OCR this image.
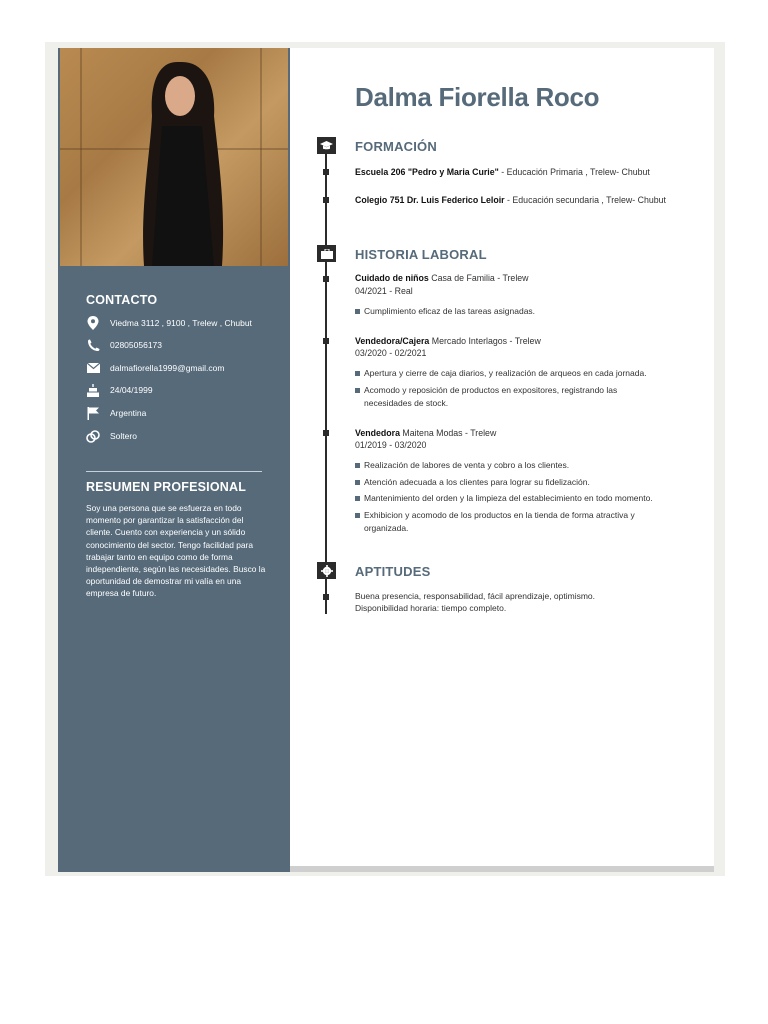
CONTACTO
Viedma 3112 , 9100 , Trelew , Chubut
02805056173
dalmafiorella1999@gmail.com
24/04/1999
Argentina
Soltero
RESUMEN PROFESIONAL
Soy una persona que se esfuerza en todo momento por garantizar la satisfacción del cliente. Cuento con experiencia y un sólido conocimiento del sector. Tengo facilidad para trabajar tanto en equipo como de forma independiente, según las necesidades. Busco la oportunidad de demostrar mi valía en una empresa de futuro.
Dalma Fiorella Roco
FORMACIÓN
Escuela 206 "Pedro y Maria Curie" - Educación Primaria , Trelew- Chubut
Colegio 751 Dr. Luis Federico Leloir - Educación secundaria , Trelew- Chubut
HISTORIA LABORAL
Cuidado de niños Casa de Familia - Trelew
04/2021 - Real
Cumplimiento eficaz de las tareas asignadas.
Vendedora/Cajera Mercado Interlagos - Trelew
03/2020 - 02/2021
Apertura y cierre de caja diarios, y realización de arqueos en cada jornada.
Acomodo y reposición de productos en expositores, registrando las necesidades de stock.
Vendedora Maitena Modas - Trelew
01/2019 - 03/2020
Realización de labores de venta y cobro a los clientes.
Atención adecuada a los clientes para lograr su fidelización.
Mantenimiento del orden y la limpieza del establecimiento en todo momento.
Exhibicion y acomodo de los productos en la tienda de forma atractiva y organizada.
APTITUDES
Buena presencia, responsabilidad, fácil aprendizaje, optimismo.
Disponibilidad horaria: tiempo completo.
